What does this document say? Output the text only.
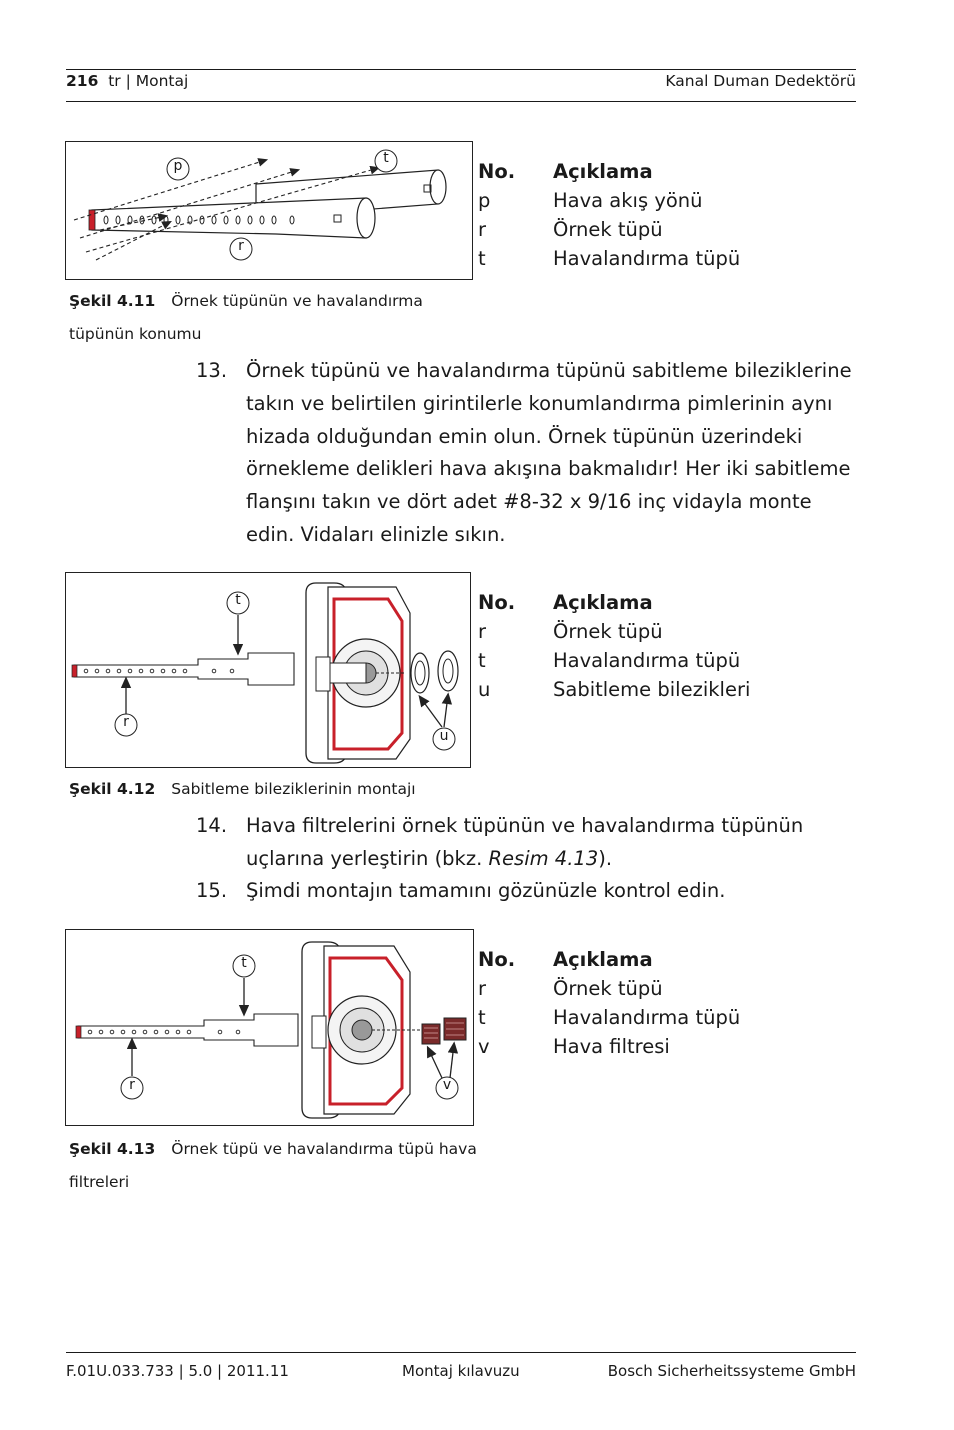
216 tr | Montaj	Kanal Duman Dedektörü
p	t
r
No.	Açıklama
p	Hava akış yönü
r	Örnek tüpü
t	Havalandırma tüpü
Şekil 4.11 Örnek tüpünün ve havalandırma tüpünün konumu
13. Örnek tüpünü ve havalandırma tüpünü sabitleme bileziklerine takın ve belirtilen girintilerle konumlandırma pimlerinin aynı hizada olduğundan emin olun. Örnek tüpünün üzerindeki örnekleme delikleri hava akışına bakmalıdır! Her iki sabitleme flanşını takın ve dört adet #8-32 x 9/16 inç vidayla monte edin. Vidaları elinizle sıkın.
t
r
u
No.	Açıklama
r	Örnek tüpü
t	Havalandırma tüpü
u	Sabitleme bilezikleri
Şekil 4.12 Sabitleme bileziklerinin montajı
14. Hava filtrelerini örnek tüpünün ve havalandırma tüpünün uçlarına yerleştirin (bkz. Resim 4.13).
15. Şimdi montajın tamamını gözünüzle kontrol edin.
t
r	v
No.	Açıklama
r	Örnek tüpü
t	Havalandırma tüpü
v	Hava filtresi
Şekil 4.13 Örnek tüpü ve havalandırma tüpü hava filtreleri
F.01U.033.733 | 5.0 | 2011.11	Montaj kılavuzu	Bosch Sicherheitssysteme GmbH
